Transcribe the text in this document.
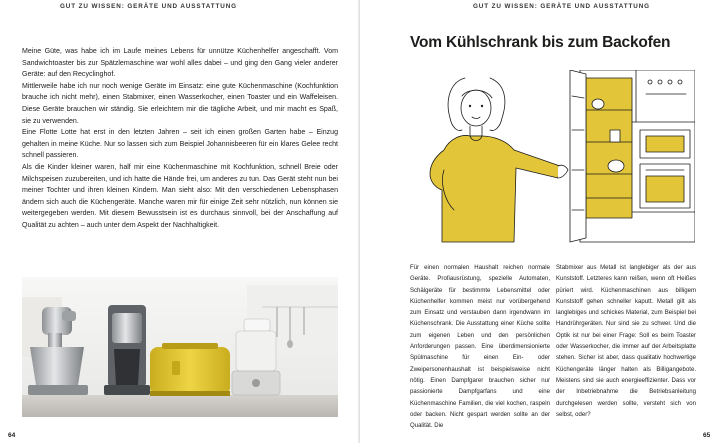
GUT ZU WISSEN: GERÄTE UND AUSSTATTUNG

Meine Güte, was habe ich im Laufe meines Lebens für unnütze Küchenhelfer angeschafft. Vom Sandwichtoaster bis zur Spätzlemaschine war wohl alles dabei – und ging den Gang vieler anderer Geräte: auf den Recyclinghof.

Mittlerweile habe ich nur noch wenige Geräte im Einsatz: eine gute Küchenmaschine (Kochfunktion brauche ich nicht mehr), einen Stabmixer, einen Wasserkocher, einen Toaster und ein Waffeleisen. Diese Geräte brauchen wir ständig. Sie erleichtern mir die tägliche Arbeit, und mir macht es Spaß, sie zu verwenden.

Eine Flotte Lotte hat erst in den letzten Jahren – seit ich einen großen Garten habe – Einzug gehalten in meine Küche. Nur so lassen sich zum Beispiel Johannisbeeren für ein klares Gelee recht schnell passieren.

Als die Kinder kleiner waren, half mir eine Küchenmaschine mit Kochfunktion, schnell Breie oder Milchspeisen zuzubereiten, und ich hatte die Hände frei, um anderes zu tun. Das Gerät steht nun bei meiner Tochter und ihren kleinen Kindern. Man sieht also: Mit den verschiedenen Lebensphasen ändern sich auch die Küchengeräte. Manche waren mir für einige Zeit sehr nützlich, nun können sie weitergegeben werden. Mit diesem Bewusstsein ist es durchaus sinnvoll, bei der Anschaffung auf Qualität zu achten – auch unter dem Aspekt der Nachhaltigkeit.

64
GUT ZU WISSEN: GERÄTE UND AUSSTATTUNG
Vom Kühlschrank bis zum Backofen

Für einen normalen Haushalt reichen normale Geräte. Profiausrüstung, spezielle Automaten, Schälgeräte für bestimmte Lebensmittel oder Küchenhelfer kommen meist nur vorübergehend zum Einsatz und verstauben dann irgendwann im Küchenschrank. Die Ausstattung einer Küche sollte zum eigenen Leben und den persönlichen Anforderungen passen. Eine überdimensionierte Spülmaschine für einen Ein- oder Zweipersonenhaushalt ist beispielsweise nicht nötig. Einen Dampfgarer brauchen sicher nur passionierte Dampfgarfans und eine Küchenmaschine Familien, die viel kochen, raspeln oder backen. Nicht gespart werden sollte an der Qualität. Die

Stabmixer aus Metall ist langlebiger als der aus Kunststoff. Letzteres kann reißen, wenn oft Heißes püriert wird. Küchenmaschinen aus billigem Kunststoff gehen schneller kaputt. Metall gilt als langlebiges und schickes Material, zum Beispiel bei Handrührgeräten. Nur sind sie zu schwer. Und die Optik ist nur bei einer Frage: Soll es beim Toaster oder Wasserkocher, die immer auf der Arbeitsplatte stehen. Sicher ist aber, dass qualitativ hochwertige Küchengeräte länger halten als Billigangebote. Meistens sind sie auch energieeffizienter. Dass vor der Inbetriebnahme die Betriebsanleitung durchgelesen werden sollte, versteht sich von selbst, oder?

65
